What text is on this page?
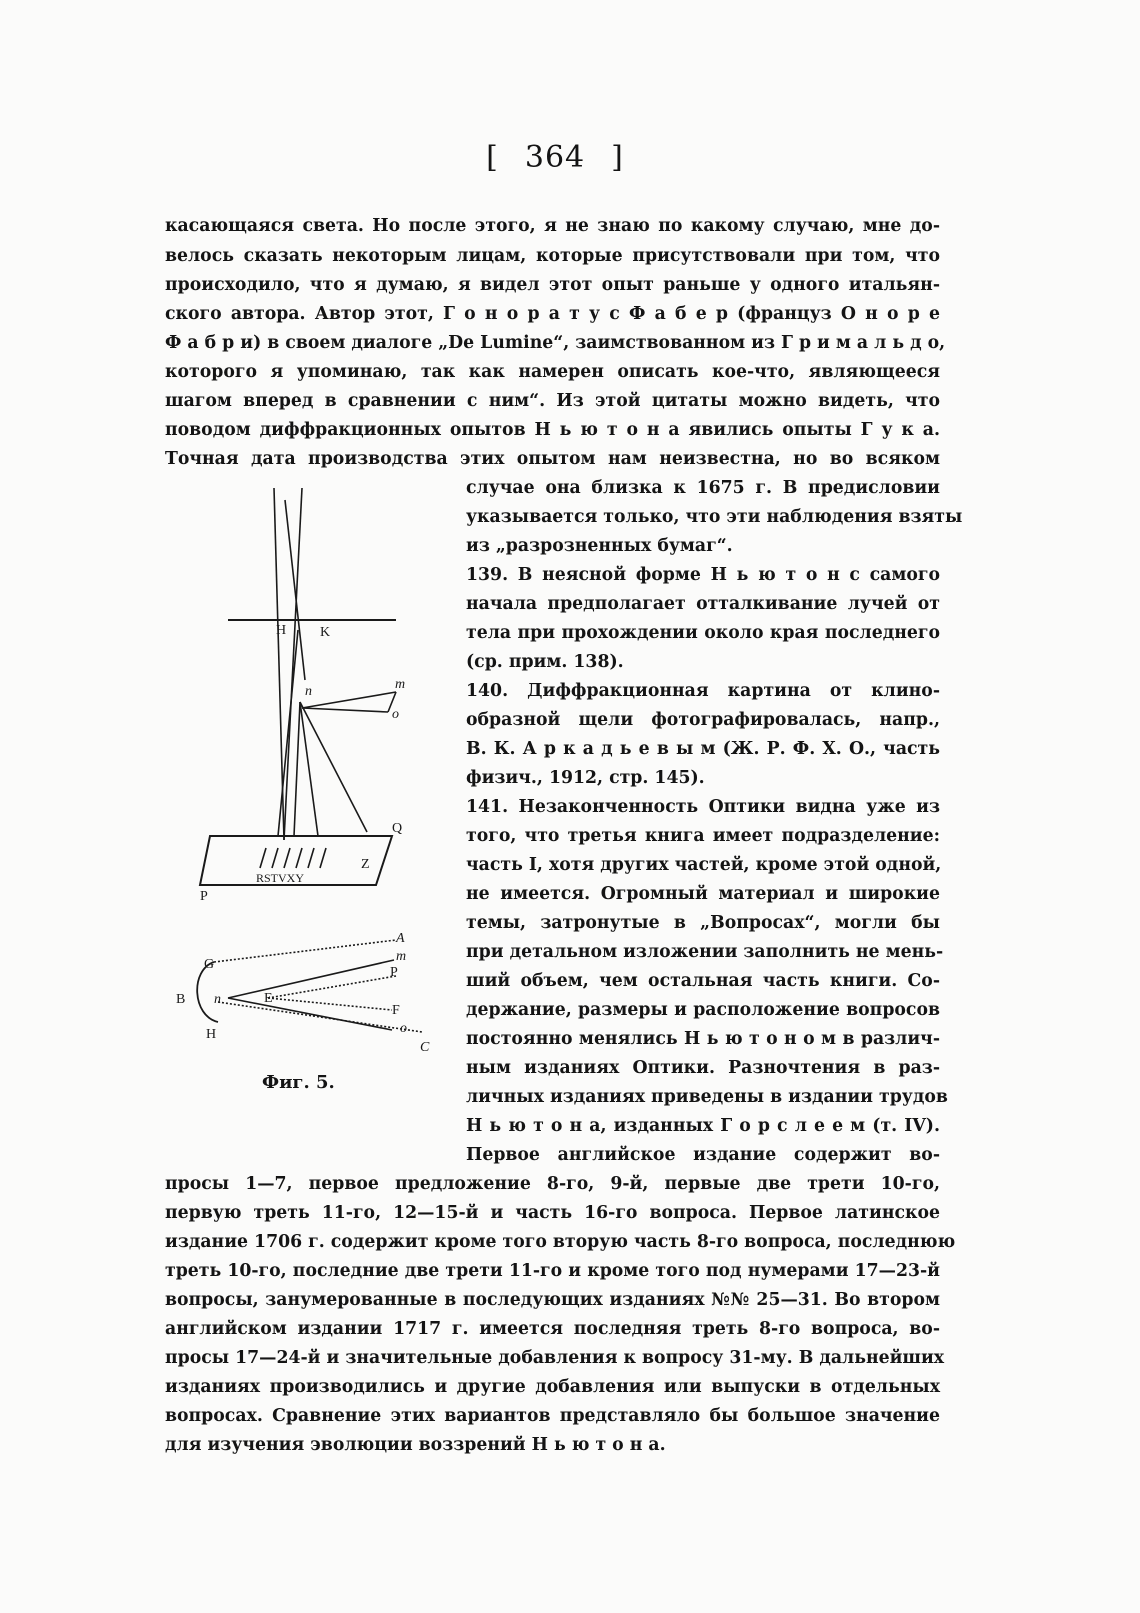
[ 364 ]
касающаяся света. Но после этого, я не знаю по какому случаю, мне до-
велось сказать некоторым лицам, которые присутствовали при том, что
происходило, что я думаю, я видел этот опыт раньше у одного итальян-
ского автора. Автор этот, Г о н о р а т у с Ф а б е р (француз О н о р е
Ф а б р и) в своем диалоге „De Lumine“, заимствованном из Г р и м а л ь д о,
которого я упоминаю, так как намерен описать кое-что, являющееся
шагом вперед в сравнении с ним“. Из этой цитаты можно видеть, что
поводом диффракционных опытов Н ь ю т о н а явились опыты Г у к а.
Точная дата производства этих опытом нам неизвестна, но во всяком
случае она близка к 1675 г. В предисловии
указывается только, что эти наблюдения взяты
из „разрозненных бумаг“.
139. В неясной форме Н ь ю т о н с самого
начала предполагает отталкивание лучей от
тела при прохождении около края последнего
(ср. прим. 138).
140. Диффракционная картина от клино-
образной щели фотографировалась, напр.,
В. К. А р к а д ь е в ы м (Ж. Р. Ф. Х. О., часть
физич., 1912, стр. 145).
141. Незаконченность Оптики видна уже из
того, что третья книга имеет подразделение:
часть I, хотя других частей, кроме этой одной,
не имеется. Огромный материал и широкие
темы, затронутые в „Вопросах“, могли бы
при детальном изложении заполнить не мень-
ший объем, чем остальная часть книги. Со-
держание, размеры и расположение вопросов
постоянно менялись Н ь ю т о н о м в различ-
ным изданиях Оптики. Разночтения в раз-
личных изданиях приведены в издании трудов
Н ь ю т о н а, изданных Г о р с л е е м (т. IV).
Первое английское издание содержит во-
просы 1—7, первое предложение 8-го, 9-й, первые две трети 10-го,
первую треть 11-го, 12—15-й и часть 16-го вопроса. Первое латинское
издание 1706 г. содержит кроме того вторую часть 8-го вопроса, последнюю
треть 10-го, последние две трети 11-го и кроме того под нумерами 17—23-й
вопросы, занумерованные в последующих изданиях №№ 25—31. Во втором
английском издании 1717 г. имеется последняя треть 8-го вопроса, во-
просы 17—24-й и значительные добавления к вопросу 31-му. В дальнейших
изданиях производились и другие добавления или выпуски в отдельных
вопросах. Сравнение этих вариантов представляло бы большое значение
для изучения эволюции воззрений Н ь ю т о н а.
H K
n	m
o
Q
Z
RSTVXY
P
A
m
G
P
B n	E
F
H	o
C
Фиг. 5.
